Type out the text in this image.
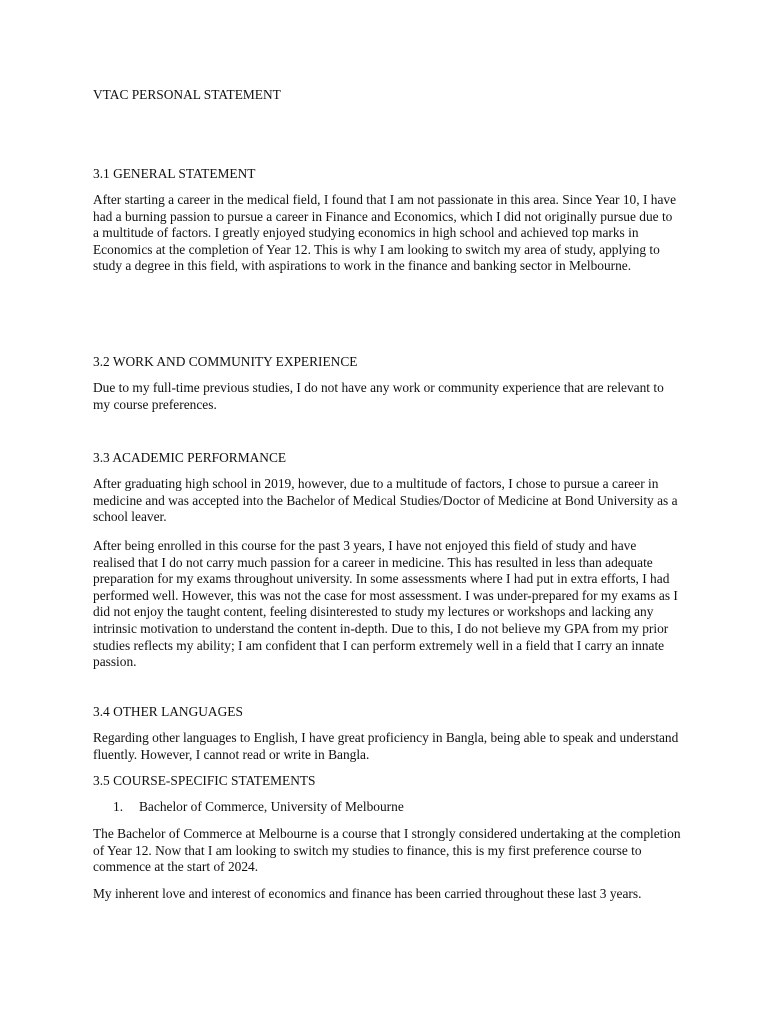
VTAC PERSONAL STATEMENT
3.1 GENERAL STATEMENT

After starting a career in the medical field, I found that I am not passionate in this area. Since Year 10, I have had a burning passion to pursue a career in Finance and Economics, which I did not originally pursue due to a multitude of factors. I greatly enjoyed studying economics in high school and achieved top marks in Economics at the completion of Year 12. This is why I am looking to switch my area of study, applying to study a degree in this field, with aspirations to work in the finance and banking sector in Melbourne.

3.2 WORK AND COMMUNITY EXPERIENCE

Due to my full-time previous studies, I do not have any work or community experience that are relevant to my course preferences.

3.3 ACADEMIC PERFORMANCE

After graduating high school in 2019, however, due to a multitude of factors, I chose to pursue a career in medicine and was accepted into the Bachelor of Medical Studies/Doctor of Medicine at Bond University as a school leaver.

After being enrolled in this course for the past 3 years, I have not enjoyed this field of study and have realised that I do not carry much passion for a career in medicine. This has resulted in less than adequate preparation for my exams throughout university. In some assessments where I had put in extra efforts, I had performed well. However, this was not the case for most assessment. I was under-prepared for my exams as I did not enjoy the taught content, feeling disinterested to study my lectures or workshops and lacking any intrinsic motivation to understand the content in-depth. Due to this, I do not believe my GPA from my prior studies reflects my ability; I am confident that I can perform extremely well in a field that I carry an innate passion.

3.4 OTHER LANGUAGES

Regarding other languages to English, I have great proficiency in Bangla, being able to speak and understand fluently. However, I cannot read or write in Bangla.

3.5 COURSE-SPECIFIC STATEMENTS
1. Bachelor of Commerce, University of Melbourne

The Bachelor of Commerce at Melbourne is a course that I strongly considered undertaking at the completion of Year 12. Now that I am looking to switch my studies to finance, this is my first preference course to commence at the start of 2024.

My inherent love and interest of economics and finance has been carried throughout these last 3 years.
